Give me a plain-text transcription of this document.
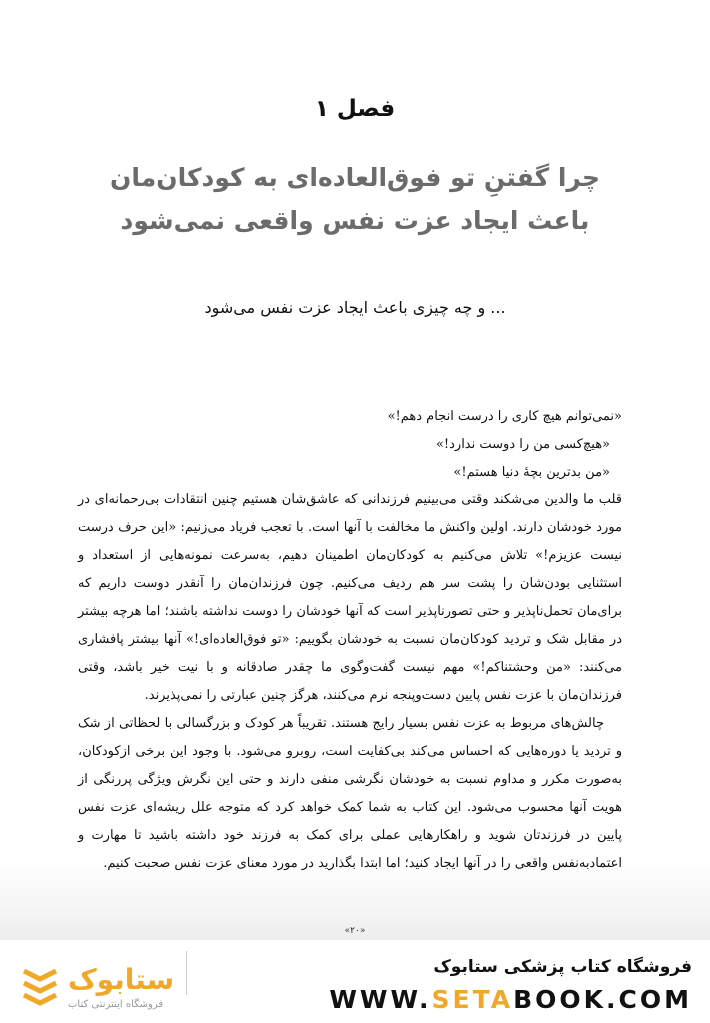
فصل ۱
چرا گفتنِ تو فوق‌العاده‌ای به کودکان‌مان
باعث ایجاد عزت نفس واقعی نمی‌شود
... و چه چیزی باعث ایجاد عزت نفس می‌شود
«نمی‌توانم هیچ کاری را درست انجام دهم!»
«هیچ‌کسی من را دوست ندارد!»
«من بدترین بچهٔ دنیا هستم!»

قلب ما والدین می‌شکند وقتی می‌بینیم فرزندانی که عاشق‌شان هستیم چنین انتقادات بی‌رحمانه‌ای در مورد خودشان دارند. اولین واکنش ما مخالفت با آنها است. با تعجب فریاد می‌زنیم: «این حرف درست نیست عزیزم!» تلاش می‌کنیم به کودکان‌مان اطمینان دهیم، به‌سرعت نمونه‌هایی از استعداد و استثنایی بودن‌شان را پشت سر هم ردیف می‌کنیم. چون فرزندان‌مان را آنقدر دوست داریم که برای‌مان تحمل‌ناپذیر و حتی تصورناپذیر است که آنها خودشان را دوست نداشته باشند؛ اما هرچه بیشتر در مقابل شک و تردید کودکان‌مان نسبت به خودشان بگوییم: «تو فوق‌العاده‌ای!» آنها بیشتر پافشاری می‌کنند: «من وحشتناکم!» مهم نیست گفت‌وگوی ما چقدر صادقانه و با نیت خیر باشد، وقتی فرزندان‌مان با عزت نفس پایین دست‌وپنجه نرم می‌کنند، هرگز چنین عبارتی را نمی‌پذیرند.

چالش‌های مربوط به عزت نفس بسیار رایج هستند. تقریباً هر کودک و بزرگسالی با لحظاتی از شک و تردید یا دوره‌هایی که احساس می‌کند بی‌کفایت است، روبرو می‌شود. با وجود این برخی ازکودکان، به‌صورت مکرر و مداوم نسبت به خودشان نگرشی منفی دارند و حتی این نگرش ویژگی پررنگی از هویت آنها محسوب می‌شود. این کتاب به شما کمک خواهد کرد که متوجه علل ریشه‌ای عزت نفس پایین در فرزندتان شوید و راهکارهایی عملی برای کمک به فرزند خود داشته باشید تا مهارت و اعتمادبه‌نفس واقعی را در آنها ایجاد کنید؛ اما ابتدا بگذارید در مورد معنای عزت نفس صحبت کنیم.

«۲۰»
ستابوک
فروشگاه اینترنتی کتاب
فروشگاه کتاب پزشکی ستابوک
WWW.SETABOOK.COM
